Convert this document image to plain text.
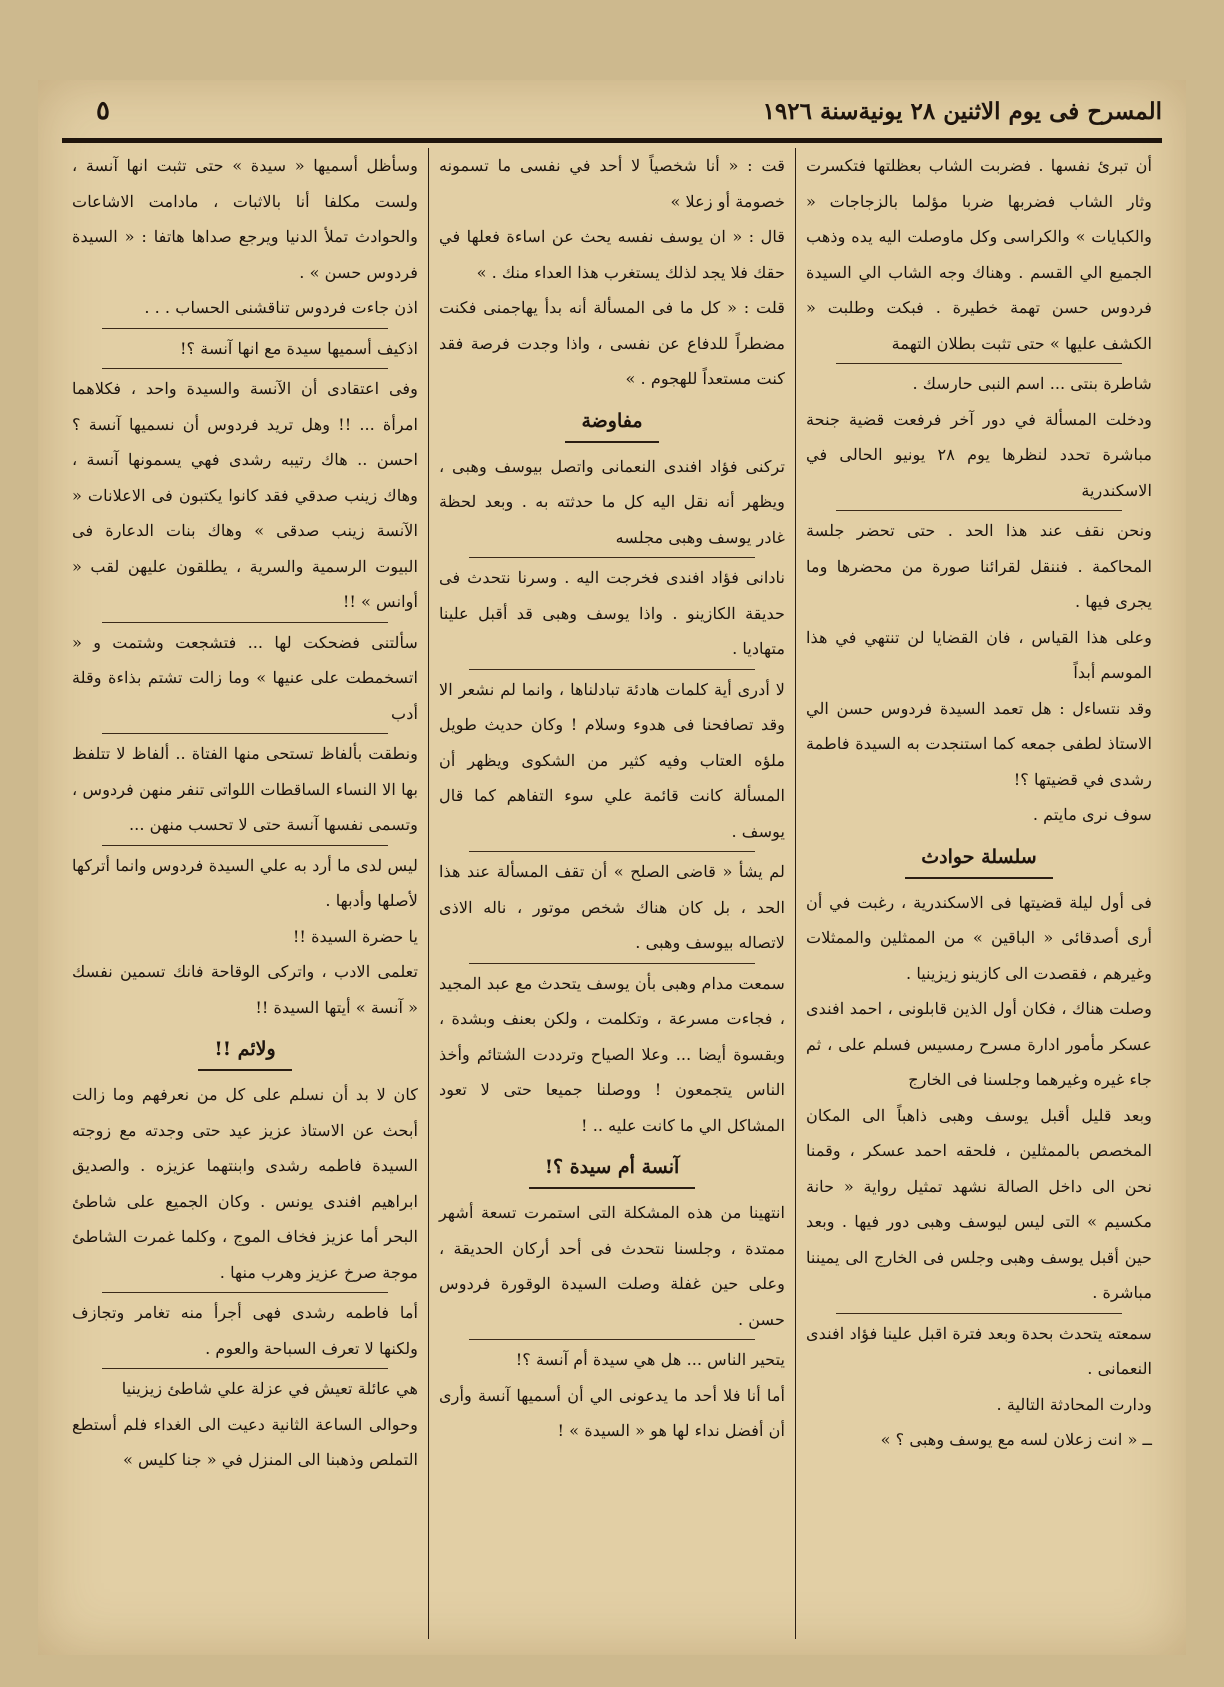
المسرح فى يوم الاثنين ٢٨ يونيةسنة ١٩٢٦
٥

أن تبرئ نفسها . فضربت الشاب بعظلتها فتكسرت وثار الشاب فضربها ضربا مؤلما بالزجاجات « والكبايات » والكراسى وكل ماوصلت اليه يده وذهب الجميع الي القسم . وهناك وجه الشاب الي السيدة فردوس حسن تهمة خطيرة . فبكت وطلبت « الكشف عليها » حتى تثبت بطلان التهمة

شاطرة بنتى ... اسم النبى حارسك .

ودخلت المسألة في دور آخر فرفعت قضية جنحة مباشرة تحدد لنظرها يوم ٢٨ يونيو الحالى في الاسكندرية

ونحن نقف عند هذا الحد . حتى تحضر جلسة المحاكمة . فننقل لقرائنا صورة من محضرها وما يجرى فيها .

وعلى هذا القياس ، فان القضايا لن تنتهي في هذا الموسم أبداً

وقد نتساءل : هل تعمد السيدة فردوس حسن الي الاستاذ لطفى جمعه كما استنجدت به السيدة فاطمة رشدى في قضيتها ؟!

سوف نرى مايتم .

سلسلة حوادث

فى أول ليلة قضيتها فى الاسكندرية ، رغبت في أن أرى أصدقائى « الباقين » من الممثلين والممثلات وغيرهم ، فقصدت الى كازينو زيزينيا .

وصلت هناك ، فكان أول الذين قابلونى ، احمد افندى عسكر مأمور ادارة مسرح رمسيس فسلم على ، ثم جاء غيره وغيرهما وجلسنا فى الخارج

وبعد قليل أقبل يوسف وهبى ذاهباً الى المكان المخصص بالممثلين ، فلحقه احمد عسكر ، وقمنا نحن الى داخل الصالة نشهد تمثيل رواية « حانة مكسيم » التى ليس ليوسف وهبى دور فيها . وبعد حين أقبل يوسف وهبى وجلس فى الخارج الى يميننا مباشرة .

سمعته يتحدث بحدة وبعد فترة اقبل علينا فؤاد افندى النعمانى .

ودارت المحادثة التالية .

ــ « انت زعلان لسه مع يوسف وهبى ؟ »

قت : « أنا شخصياً لا أحد في نفسى ما تسمونه خصومة أو زعلا »

قال : « ان يوسف نفسه يحث عن اساءة فعلها في حقك فلا يجد لذلك يستغرب هذا العداء منك . »

قلت : « كل ما فى المسألة أنه بدأ يهاجمنى فكنت مضطراً للدفاع عن نفسى ، واذا وجدت فرصة فقد كنت مستعداً للهجوم . »

مفاوضة

تركنى فؤاد افندى النعمانى واتصل بيوسف وهبى ، ويظهر أنه نقل اليه كل ما حدثته به . وبعد لحظة غادر يوسف وهبى مجلسه

نادانى فؤاد افندى فخرجت اليه . وسرنا نتحدث فى حديقة الكازينو . واذا يوسف وهبى قد أقبل علينا متهاديا .

لا أدرى أية كلمات هادئة تبادلناها ، وانما لم نشعر الا وقد تصافحنا فى هدوء وسلام ! وكان حديث طويل ملؤه العتاب وفيه كثير من الشكوى ويظهر أن المسألة كانت قائمة علي سوء التفاهم كما قال يوسف .

لم يشأ « قاضى الصلح » أن تقف المسألة عند هذا الحد ، بل كان هناك شخص موتور ، ناله الاذى لاتصاله بيوسف وهبى .

سمعت مدام وهبى بأن يوسف يتحدث مع عبد المجيد ، فجاءت مسرعة ، وتكلمت ، ولكن بعنف وبشدة ، وبقسوة أيضا ... وعلا الصياح وترددت الشتائم وأخذ الناس يتجمعون ! ووصلنا جميعا حتى لا تعود المشاكل الي ما كانت عليه .. !

آنسة أم سيدة ؟!

انتهينا من هذه المشكلة التى استمرت تسعة أشهر ممتدة ، وجلسنا نتحدث فى أحد أركان الحديقة ، وعلى حين غفلة وصلت السيدة الوقورة فردوس حسن .

يتحير الناس ... هل هي سيدة أم آنسة ؟!

أما أنا فلا أحد ما يدعونى الي أن أسميها آنسة وأرى أن أفضل نداء لها هو « السيدة » !

وسأظل أسميها « سيدة » حتى تثبت انها آنسة ، ولست مكلفا أنا بالاثبات ، مادامت الاشاعات والحوادث تملأ الدنيا ويرجع صداها هاتفا : « السيدة فردوس حسن » .

اذن جاءت فردوس تناقشنى الحساب . . .

اذكيف أسميها سيدة مع انها آنسة ؟!

وفى اعتقادى أن الآنسة والسيدة واحد ، فكلاهما امرأة ... !! وهل تريد فردوس أن نسميها آنسة ؟ احسن .. هاك رتيبه رشدى فهي يسمونها آنسة ، وهاك زينب صدقي فقد كانوا يكتبون فى الاعلانات « الآنسة زينب صدقى » وهاك بنات الدعارة فى البيوت الرسمية والسرية ، يطلقون عليهن لقب « أوانس » !!

سألتنى فضحكت لها ... فتشجعت وشتمت و « اتسخمطت على عنيها » وما زالت تشتم بذاءة وقلة أدب

ونطقت بألفاظ تستحى منها الفتاة .. ألفاظ لا تتلفظ بها الا النساء الساقطات اللواتى تنفر منهن فردوس ، وتسمى نفسها آنسة حتى لا تحسب منهن ...

ليس لدى ما أرد به علي السيدة فردوس وانما أتركها لأصلها وأدبها .

يا حضرة السيدة !!

تعلمى الادب ، واتركى الوقاحة فانك تسمين نفسك « آنسة » أيتها السيدة !!

ولائم !!

كان لا بد أن نسلم على كل من نعرفهم وما زالت أبحث عن الاستاذ عزيز عيد حتى وجدته مع زوجته السيدة فاطمه رشدى وابنتهما عزيزه . والصديق ابراهيم افندى يونس . وكان الجميع على شاطئ البحر أما عزيز فخاف الموج ، وكلما غمرت الشاطئ موجة صرخ عزيز وهرب منها .

أما فاطمه رشدى فهى أجرأ منه تغامر وتجازف ولكنها لا تعرف السباحة والعوم .

هي عائلة تعيش في عزلة علي شاطئ زيزينيا

وحوالى الساعة الثانية دعيت الى الغداء فلم أستطع التملص وذهبنا الى المنزل في « جنا كليس »
